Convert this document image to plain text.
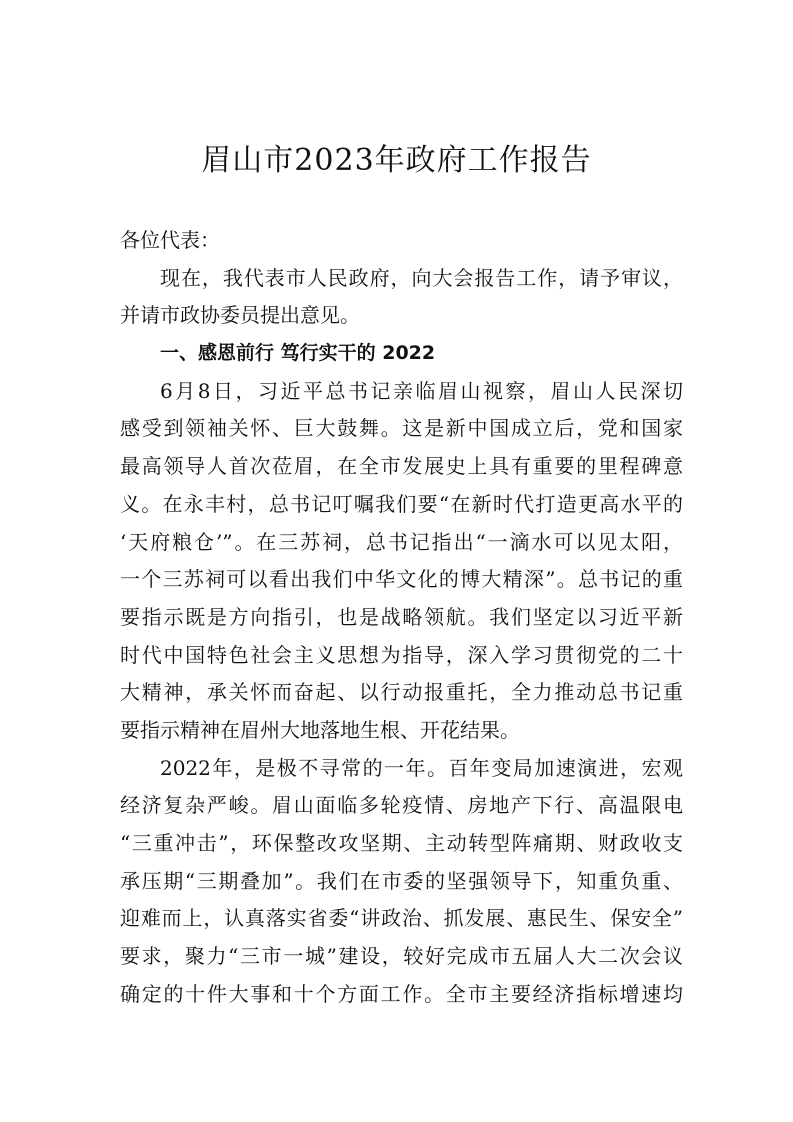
眉山市2023年政府工作报告
各位代表：
现在，我代表市人民政府，向大会报告工作，请予审议，
并请市政协委员提出意见。
一、感恩前行 笃行实干的 2022
6月8日，习近平总书记亲临眉山视察，眉山人民深切
感受到领袖关怀、巨大鼓舞。这是新中国成立后，党和国家
最高领导人首次莅眉，在全市发展史上具有重要的里程碑意
义。在永丰村，总书记叮嘱我们要“在新时代打造更高水平的
‘天府粮仓’”。在三苏祠，总书记指出“一滴水可以见太阳，
一个三苏祠可以看出我们中华文化的博大精深”。总书记的重
要指示既是方向指引，也是战略领航。我们坚定以习近平新
时代中国特色社会主义思想为指导，深入学习贯彻党的二十
大精神，承关怀而奋起、以行动报重托，全力推动总书记重
要指示精神在眉州大地落地生根、开花结果。
2022年，是极不寻常的一年。百年变局加速演进，宏观
经济复杂严峻。眉山面临多轮疫情、房地产下行、高温限电
“三重冲击”，环保整改攻坚期、主动转型阵痛期、财政收支
承压期“三期叠加”。我们在市委的坚强领导下，知重负重、
迎难而上，认真落实省委“讲政治、抓发展、惠民生、保安全”
要求，聚力“三市一城”建设，较好完成市五届人大二次会议
确定的十件大事和十个方面工作。全市主要经济指标增速均
